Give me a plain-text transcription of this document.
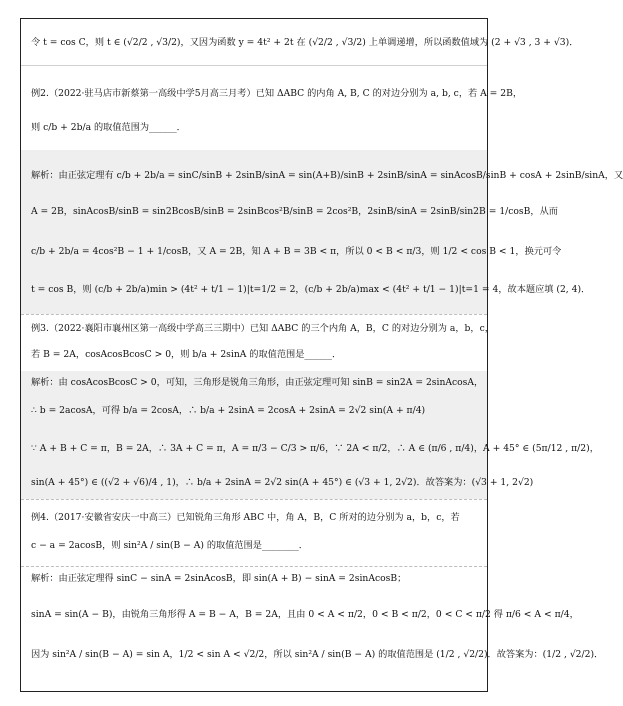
令 t = cos C，则 t ∈ (√2/2 , √3/2)，又因为函数 y = 4t² + 2t 在 (√2/2 , √3/2) 上单调递增，所以函数值域为 (2 + √3 , 3 + √3)．
例2.（2022·驻马店市新蔡第一高级中学5月高三月考）已知 ΔABC 的内角 A, B, C 的对边分别为 a, b, c，若 A = 2B，
则 c/b + 2b/a 的取值范围为______．
解析：由正弦定理有 c/b + 2b/a = sinC/sinB + 2sinB/sinA = sin(A+B)/sinB + 2sinB/sinA = sinAcosB/sinB + cosA + 2sinB/sinA，又
A = 2B，sinAcosB/sinB = sin2BcosB/sinB = 2sinBcos²B/sinB = 2cos²B，2sinB/sinA = 2sinB/sin2B = 1/cosB，从而
c/b + 2b/a = 4cos²B − 1 + 1/cosB，又 A = 2B，知 A + B = 3B < π，所以 0 < B < π/3，则 1/2 < cos B < 1，换元可令
t = cos B，则 (c/b + 2b/a)min > (4t² + t/1 − 1)|t=1/2 = 2，(c/b + 2b/a)max < (4t² + t/1 − 1)|t=1 = 4，故本题应填 (2, 4)．
例3.（2022·襄阳市襄州区第一高级中学高三三期中）已知 ΔABC 的三个内角 A，B，C 的对边分别为 a，b，c，
若 B = 2A，cosAcosBcosC > 0，则 b/a + 2sinA 的取值范围是______．
解析：由 cosAcosBcosC > 0，可知，三角形是锐角三角形，由正弦定理可知 sinB = sin2A = 2sinAcosA，
∴ b = 2acosA，可得 b/a = 2cosA，∴ b/a + 2sinA = 2cosA + 2sinA = 2√2 sin(A + π/4)
∵ A + B + C = π，B = 2A，∴ 3A + C = π，A = π/3 − C/3 > π/6，∵ 2A < π/2，∴ A ∈ (π/6 , π/4)，A + 45° ∈ (5π/12 , π/2)，
sin(A + 45°) ∈ ((√2 + √6)/4 , 1)，∴ b/a + 2sinA = 2√2 sin(A + 45°) ∈ (√3 + 1, 2√2)．故答案为：(√3 + 1, 2√2)
例4.（2017·安徽省安庆一中高三）已知锐角三角形 ABC 中，角 A，B，C 所对的边分别为 a，b，c，若
c − a = 2acosB，则 sin²A / sin(B − A) 的取值范围是________．
解析：由正弦定理得 sinC − sinA = 2sinAcosB，即 sin(A + B) − sinA = 2sinAcosB；
sinA = sin(A − B)，由锐角三角形得 A = B − A，B = 2A，且由 0 < A < π/2，0 < B < π/2，0 < C < π/2 得 π/6 < A < π/4，
因为 sin²A / sin(B − A) = sin A，1/2 < sin A < √2/2，所以 sin²A / sin(B − A) 的取值范围是 (1/2 , √2/2)．故答案为：(1/2 , √2/2)．
